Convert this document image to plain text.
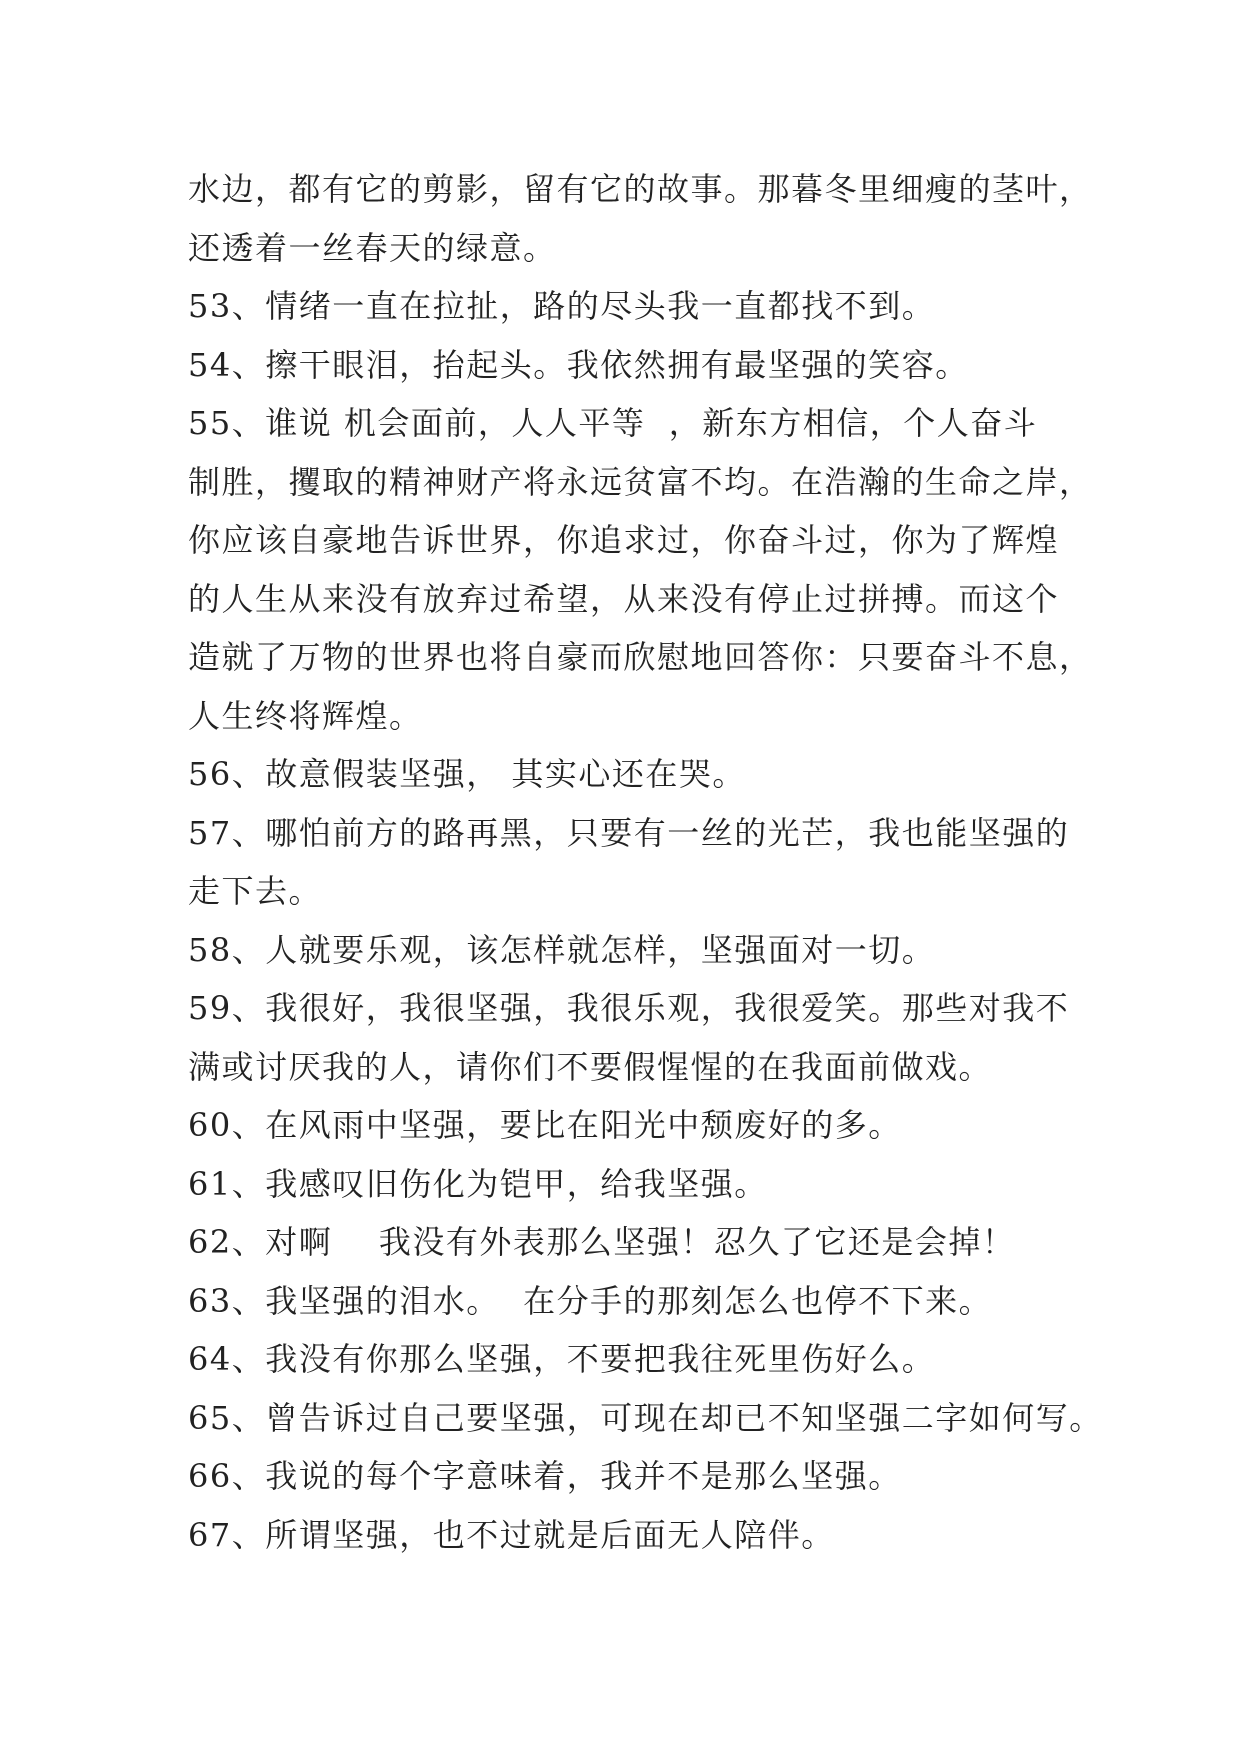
水边，都有它的剪影，留有它的故事。那暮冬里细瘦的茎叶，
还透着一丝春天的绿意。
53、情绪一直在拉扯，路的尽头我一直都找不到。
54、擦干眼泪，抬起头。我依然拥有最坚强的笑容。
55、谁说 机会面前，人人平等  ，新东方相信，个人奋斗
制胜，攫取的精神财产将永远贫富不均。在浩瀚的生命之岸，
你应该自豪地告诉世界，你追求过，你奋斗过，你为了辉煌
的人生从来没有放弃过希望，从来没有停止过拼搏。而这个
造就了万物的世界也将自豪而欣慰地回答你：只要奋斗不息，
人生终将辉煌。
56、故意假装坚强， 其实心还在哭。
57、哪怕前方的路再黑，只要有一丝的光芒，我也能坚强的
走下去。
58、人就要乐观，该怎样就怎样，坚强面对一切。
59、我很好，我很坚强，我很乐观，我很爱笑。那些对我不
满或讨厌我的人，请你们不要假惺惺的在我面前做戏。
60、在风雨中坚强，要比在阳光中颓废好的多。
61、我感叹旧伤化为铠甲，给我坚强。
62、对啊    我没有外表那么坚强！忍久了它还是会掉！
63、我坚强的泪水。  在分手的那刻怎么也停不下来。
64、我没有你那么坚强，不要把我往死里伤好么。
65、曾告诉过自己要坚强，可现在却已不知坚强二字如何写。
66、我说的每个字意味着，我并不是那么坚强。
67、所谓坚强，也不过就是后面无人陪伴。
